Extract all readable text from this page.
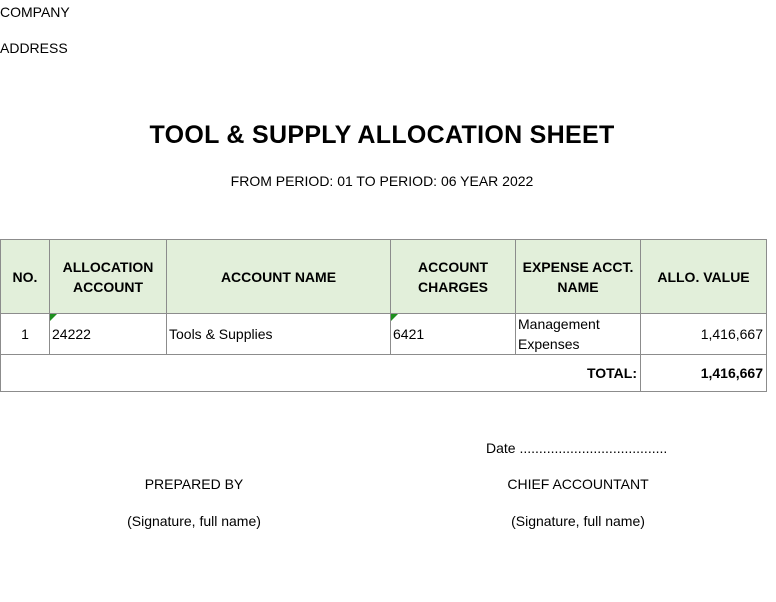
COMPANY
ADDRESS
TOOL & SUPPLY ALLOCATION SHEET
FROM PERIOD: 01 TO PERIOD: 06 YEAR 2022
NO.	ALLOCATION ACCOUNT	ACCOUNT NAME	ACCOUNT CHARGES	EXPENSE ACCT. NAME	ALLO. VALUE
1	24222	Tools & Supplies	6421	Management Expenses	1,416,667
	TOTAL:				1,416,667
Date ......................................
PREPARED BY
(Signature, full name)
CHIEF ACCOUNTANT
(Signature, full name)
